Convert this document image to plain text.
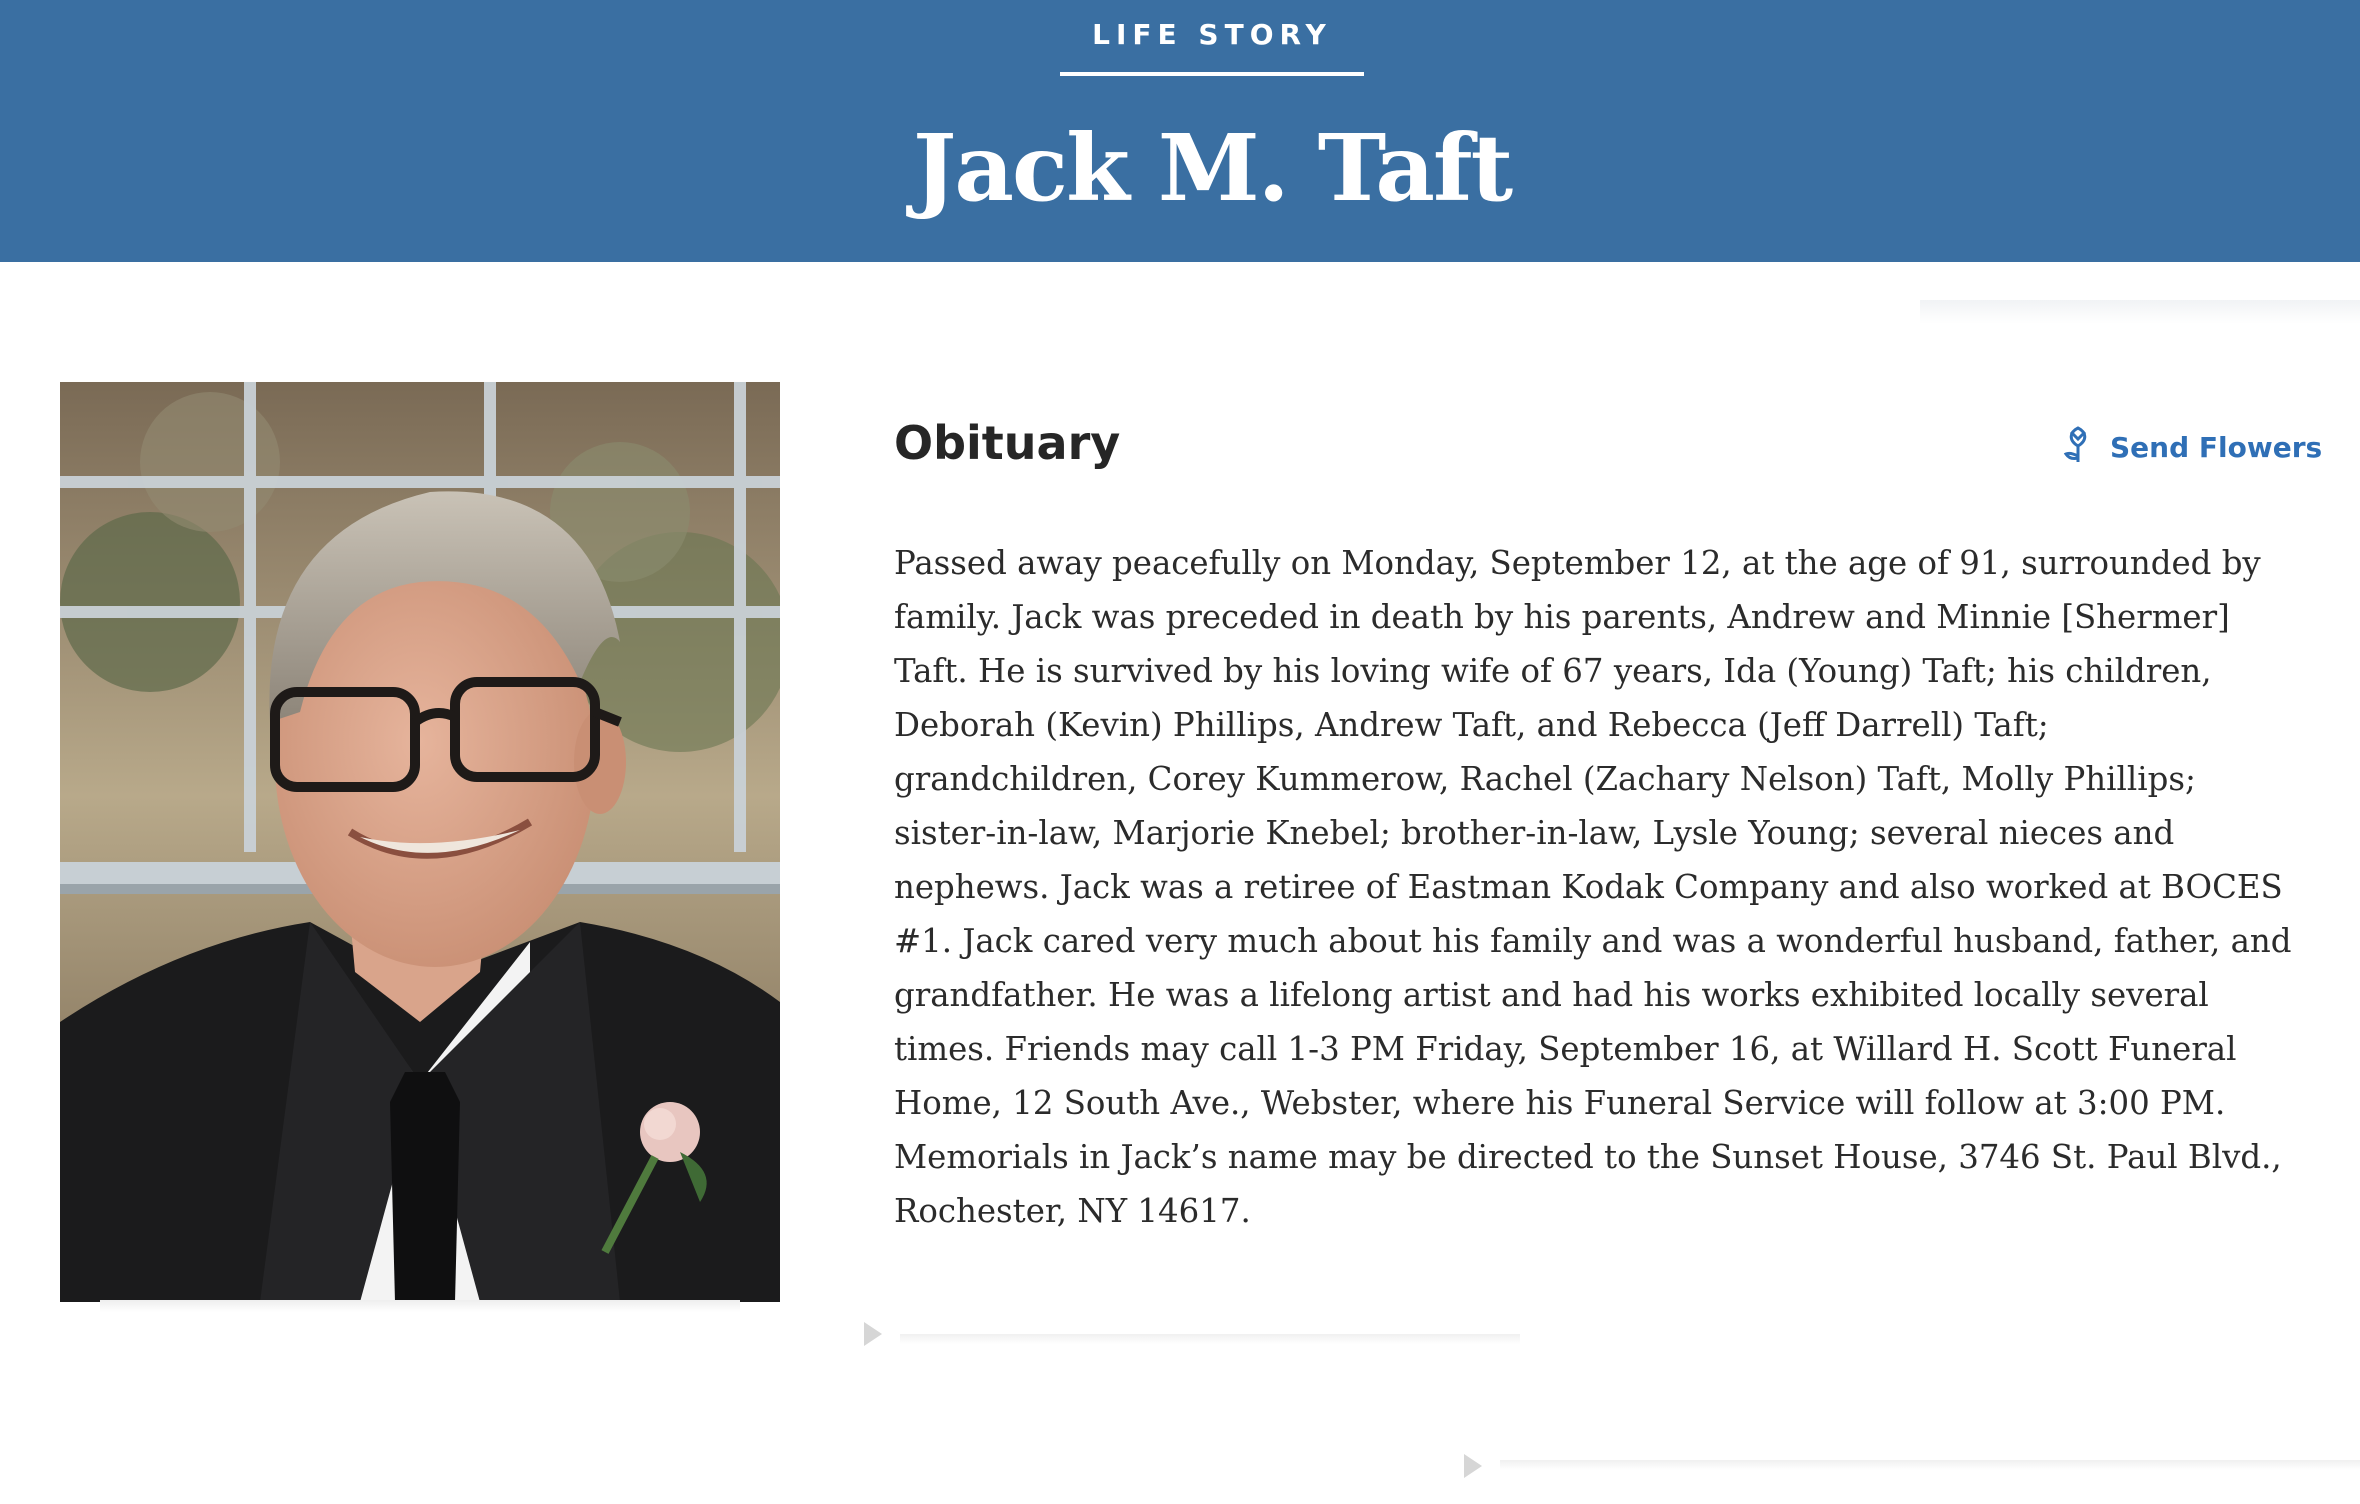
LIFE STORY
Jack M. Taft
Obituary	Send Flowers

Passed away peacefully on Monday, September 12, at the age of 91, surrounded by family. Jack was preceded in death by his parents, Andrew and Minnie [Shermer] Taft. He is survived by his loving wife of 67 years, Ida (Young) Taft; his children, Deborah (Kevin) Phillips, Andrew Taft, and Rebecca (Jeff Darrell) Taft; grandchildren, Corey Kummerow, Rachel (Zachary Nelson) Taft, Molly Phillips; sister-in-law, Marjorie Knebel; brother-in-law, Lysle Young; several nieces and nephews. Jack was a retiree of Eastman Kodak Company and also worked at BOCES #1. Jack cared very much about his family and was a wonderful husband, father, and grandfather. He was a lifelong artist and had his works exhibited locally several times. Friends may call 1-3 PM Friday, September 16, at Willard H. Scott Funeral Home, 12 South Ave., Webster, where his Funeral Service will follow at 3:00 PM. Memorials in Jack’s name may be directed to the Sunset House, 3746 St. Paul Blvd., Rochester, NY 14617.
